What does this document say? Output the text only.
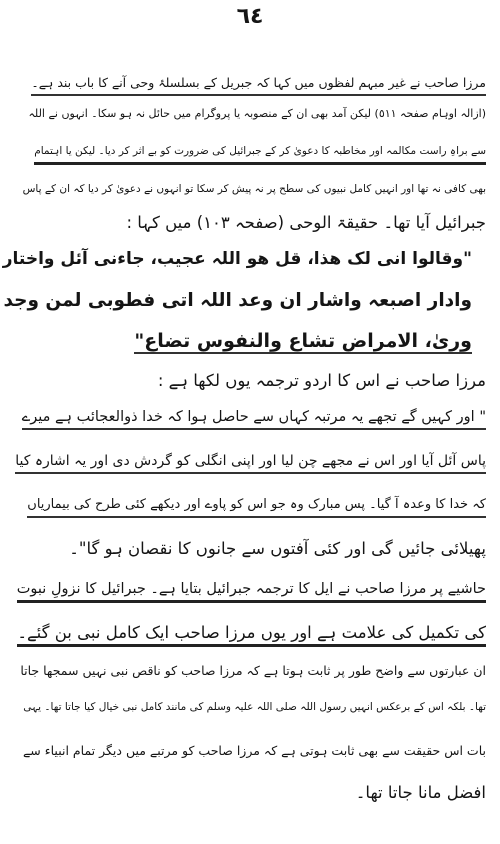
٦٤
مرزا صاحب نے غیر مبہم لفظوں میں کہا کہ جبریل کے بسلسلۂ وحی آنے کا باب بند ہے۔
(ازالہ اوہام صفحہ ٥١١) لیکن آمد بھی ان کے منصوبہ یا پروگرام میں حائل نہ ہو سکا۔ انہوں نے اللہ
سے براہِ راست مکالمہ اور مخاطبہ کا دعویٰ کر کے جبرائیل کی ضرورت کو بے اثر کر دیا۔ لیکن یا اہتمام
بھی کافی نہ تھا اور انہیں کامل نبیوں کی سطح پر نہ پیش کر سکا تو انہوں نے دعویٰ کر دیا کہ ان کے پاس
جبرائیل آیا تھا۔ حقیقۃ الوحی (صفحہ ١٠٣) میں کہا :
"وقالوا انی لک ھذا، قل ھو اللہ عجیب، جاءنی آئل واختار
وادار اصبعہ واشار ان وعد اللہ اتی فطوبی لمن وجد
وریٰ، الامراض تشاع والنفوس تضاع"
مرزا صاحب نے اس کا اردو ترجمہ یوں لکھا ہے :
" اور کہیں گے تجھے یہ مرتبہ کہاں سے حاصل ہوا کہ خدا ذوالعجائب ہے میرے
پاس آئل آیا اور اس نے مجھے چن لیا اور اپنی انگلی کو گردش دی اور یہ اشارہ کیا
کہ خدا کا وعدہ آ گیا۔ پس مبارک وہ جو اس کو پاوے اور دیکھے کئی طرح کی بیماریاں
پھیلائی جائیں گی اور کئی آفتوں سے جانوں کا نقصان ہو گا"۔
حاشیے پر مرزا صاحب نے ایل کا ترجمہ جبرائیل بتایا ہے۔ جبرائیل کا نزولِ نبوت
کی تکمیل کی علامت ہے اور یوں مرزا صاحب ایک کامل نبی بن گئے۔
ان عبارتوں سے واضح طور پر ثابت ہوتا ہے کہ مرزا صاحب کو ناقص نبی نہیں سمجھا جاتا
تھا۔ بلکہ اس کے برعکس انہیں رسول اللہ صلی اللہ علیہ وسلم کی مانند کامل نبی خیال کیا جاتا تھا۔ یہی
بات اس حقیقت سے بھی ثابت ہوتی ہے کہ مرزا صاحب کو مرتبے میں دیگر تمام انبیاء سے
افضل مانا جاتا تھا۔
